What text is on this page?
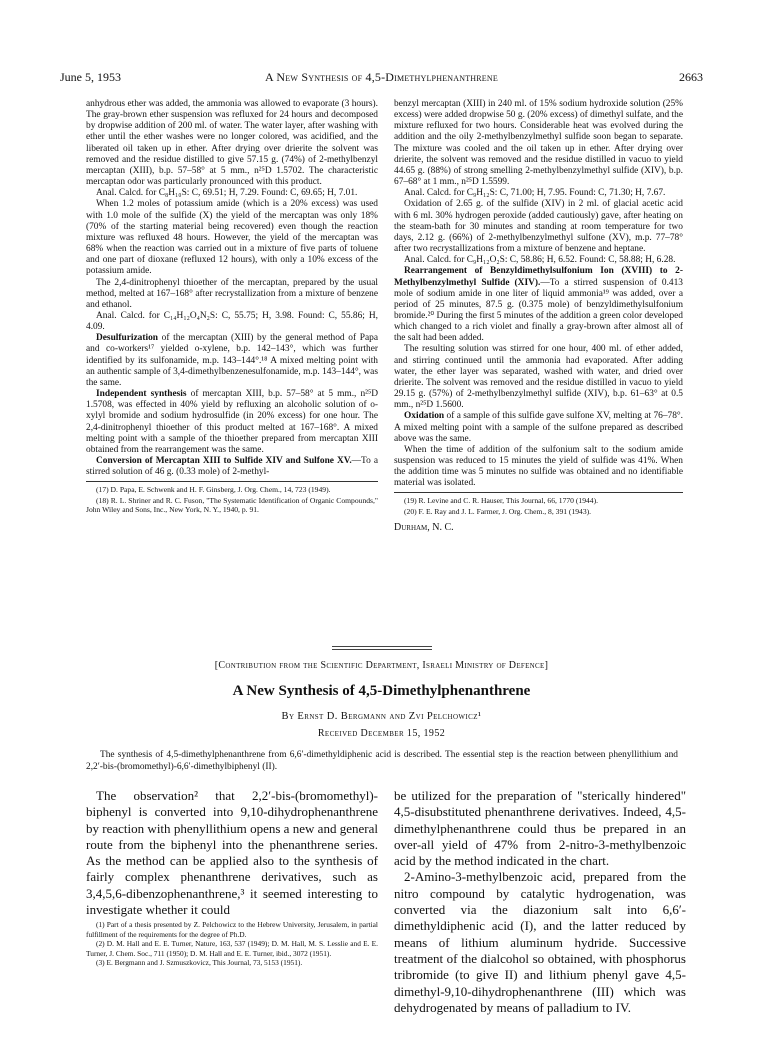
June 5, 1953	A New Synthesis of 4,5-Dimethylphenanthrene	2663

anhydrous ether was added, the ammonia was allowed to evaporate (3 hours). The gray-brown ether suspension was refluxed for 24 hours and decomposed by dropwise addition of 200 ml. of water. The water layer, after washing with ether until the ether washes were no longer colored, was acidified, and the liberated oil taken up in ether. After drying over drierite the solvent was removed and the residue distilled to give 57.15 g. (74%) of 2-methylbenzyl mercaptan (XIII), b.p. 57–58° at 5 mm., n²⁵D 1.5702. The characteristic mercaptan odor was particularly pronounced with this product.

Anal. Calcd. for C₈H₁₀S: C, 69.51; H, 7.29. Found: C, 69.65; H, 7.01.

When 1.2 moles of potassium amide (which is a 20% excess) was used with 1.0 mole of the sulfide (X) the yield of the mercaptan was only 18% (70% of the starting material being recovered) even though the reaction mixture was refluxed 48 hours. However, the yield of the mercaptan was 68% when the reaction was carried out in a mixture of five parts of toluene and one part of dioxane (refluxed 12 hours), with only a 10% excess of the potassium amide.

The 2,4-dinitrophenyl thioether of the mercaptan, prepared by the usual method, melted at 167–168° after recrystallization from a mixture of benzene and ethanol.

Anal. Calcd. for C₁₄H₁₂O₄N₂S: C, 55.75; H, 3.98. Found: C, 55.86; H, 4.09.

Desulfurization of the mercaptan (XIII) by the general method of Papa and co-workers¹⁷ yielded o-xylene, b.p. 142–143°, which was further identified by its sulfonamide, m.p. 143–144°.¹⁸ A mixed melting point with an authentic sample of 3,4-dimethylbenzenesulfonamide, m.p. 143–144°, was the same.

Independent synthesis of mercaptan XIII, b.p. 57–58° at 5 mm., n²⁵D 1.5708, was effected in 40% yield by refluxing an alcoholic solution of o-xylyl bromide and sodium hydrosulfide (in 20% excess) for one hour. The 2,4-dinitrophenyl thioether of this product melted at 167–168°. A mixed melting point with a sample of the thioether prepared from mercaptan XIII obtained from the rearrangement was the same.

Conversion of Mercaptan XIII to Sulfide XIV and Sulfone XV.—To a stirred solution of 46 g. (0.33 mole) of 2-methyl-

(17) D. Papa, E. Schwenk and H. F. Ginsberg, J. Org. Chem., 14, 723 (1949).

(18) R. L. Shriner and R. C. Fuson, "The Systematic Identification of Organic Compounds," John Wiley and Sons, Inc., New York, N. Y., 1940, p. 91.

benzyl mercaptan (XIII) in 240 ml. of 15% sodium hydroxide solution (25% excess) were added dropwise 50 g. (20% excess) of dimethyl sulfate, and the mixture refluxed for two hours. Considerable heat was evolved during the addition and the oily 2-methylbenzylmethyl sulfide soon began to separate. The mixture was cooled and the oil taken up in ether. After drying over drierite, the solvent was removed and the residue distilled in vacuo to yield 44.65 g. (88%) of strong smelling 2-methylbenzylmethyl sulfide (XIV), b.p. 67–68° at 1 mm., n²⁵D 1.5599.

Anal. Calcd. for C₉H₁₂S: C, 71.00; H, 7.95. Found: C, 71.30; H, 7.67.

Oxidation of 2.65 g. of the sulfide (XIV) in 2 ml. of glacial acetic acid with 6 ml. 30% hydrogen peroxide (added cautiously) gave, after heating on the steam-bath for 30 minutes and standing at room temperature for two days, 2.12 g. (66%) of 2-methylbenzylmethyl sulfone (XV), m.p. 77–78° after two recrystallizations from a mixture of benzene and heptane.

Anal. Calcd. for C₉H₁₂O₂S: C, 58.86; H, 6.52. Found: C, 58.88; H, 6.28.

Rearrangement of Benzyldimethylsulfonium Ion (XVIII) to 2-Methylbenzylmethyl Sulfide (XIV).—To a stirred suspension of 0.413 mole of sodium amide in one liter of liquid ammonia¹⁹ was added, over a period of 25 minutes, 87.5 g. (0.375 mole) of benzyldimethylsulfonium bromide.²⁰ During the first 5 minutes of the addition a green color developed which changed to a rich violet and finally a gray-brown after almost all of the salt had been added.

The resulting solution was stirred for one hour, 400 ml. of ether added, and stirring continued until the ammonia had evaporated. After adding water, the ether layer was separated, washed with water, and dried over drierite. The solvent was removed and the residue distilled in vacuo to yield 29.15 g. (57%) of 2-methylbenzylmethyl sulfide (XIV), b.p. 61–63° at 0.5 mm., n²⁵D 1.5600.

Oxidation of a sample of this sulfide gave sulfone XV, melting at 76–78°. A mixed melting point with a sample of the sulfone prepared as described above was the same.

When the time of addition of the sulfonium salt to the sodium amide suspension was reduced to 15 minutes the yield of sulfide was 41%. When the addition time was 5 minutes no sulfide was obtained and no identifiable material was isolated.

(19) R. Levine and C. R. Hauser, This Journal, 66, 1770 (1944).

(20) F. E. Ray and J. L. Farmer, J. Org. Chem., 8, 391 (1943).

Durham, N. C.
[Contribution from the Scientific Department, Israeli Ministry of Defence]
A New Synthesis of 4,5-Dimethylphenanthrene
By Ernst D. Bergmann and Zvi Pelchowicz¹
Received December 15, 1952
The synthesis of 4,5-dimethylphenanthrene from 6,6′-dimethyldiphenic acid is described. The essential step is the reaction between phenyllithium and 2,2′-bis-(bromomethyl)-6,6′-dimethylbiphenyl (II).

The observation² that 2,2′-bis-(bromomethyl)-biphenyl is converted into 9,10-dihydrophenanthrene by reaction with phenyllithium opens a new and general route from the biphenyl into the phenanthrene series. As the method can be applied also to the synthesis of fairly complex phenanthrene derivatives, such as 3,4,5,6-dibenzophenanthrene,³ it seemed interesting to investigate whether it could

(1) Part of a thesis presented by Z. Pelchowicz to the Hebrew University, Jerusalem, in partial fulfillment of the requirements for the degree of Ph.D.

(2) D. M. Hall and E. E. Turner, Nature, 163, 537 (1949); D. M. Hall, M. S. Lesslie and E. E. Turner, J. Chem. Soc., 711 (1950); D. M. Hall and E. E. Turner, ibid., 3072 (1951).

(3) E. Bergmann and J. Szmuszkovicz, This Journal, 73, 5153 (1951).

be utilized for the preparation of "sterically hindered" 4,5-disubstituted phenanthrene derivatives. Indeed, 4,5-dimethylphenanthrene could thus be prepared in an over-all yield of 47% from 2-nitro-3-methylbenzoic acid by the method indicated in the chart.

2-Amino-3-methylbenzoic acid, prepared from the nitro compound by catalytic hydrogenation, was converted via the diazonium salt into 6,6′-dimethyldiphenic acid (I), and the latter reduced by means of lithium aluminum hydride. Successive treatment of the dialcohol so obtained, with phosphorus tribromide (to give II) and lithium phenyl gave 4,5-dimethyl-9,10-dihydrophenanthrene (III) which was dehydrogenated by means of palladium to IV.
